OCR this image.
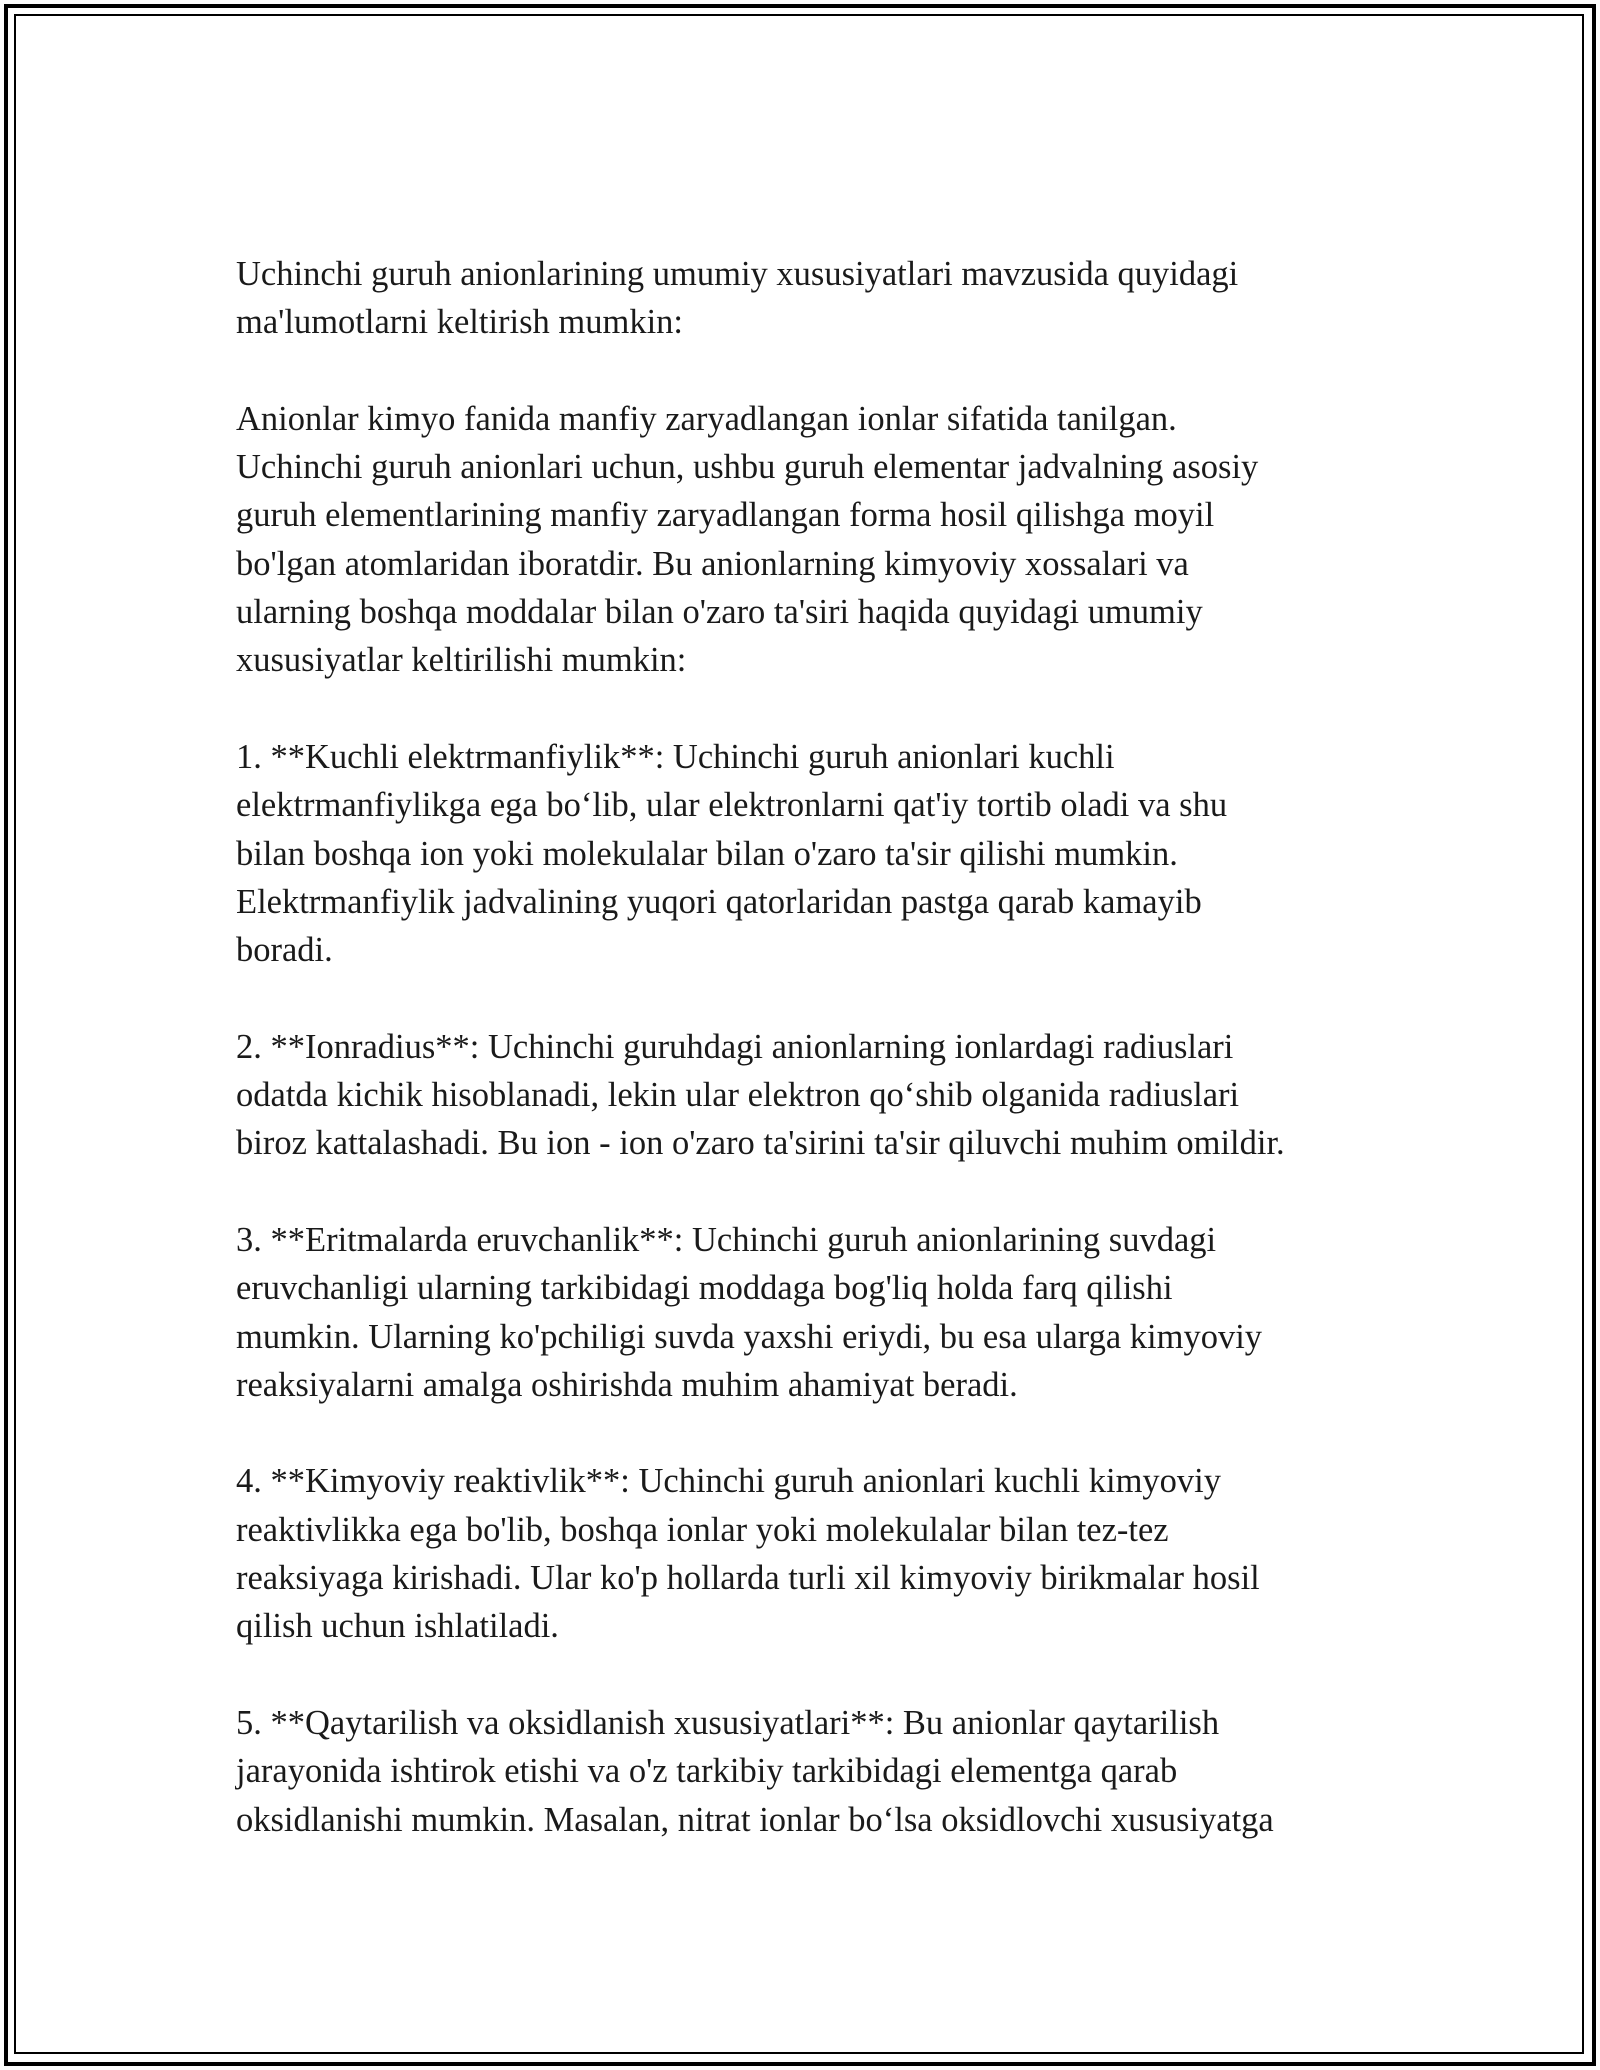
Uchinchi guruh anionlarining umumiy xususiyatlari mavzusida quyidagi
ma'lumotlarni keltirish mumkin:

Anionlar kimyo fanida manfiy zaryadlangan ionlar sifatida tanilgan.
Uchinchi guruh anionlari uchun, ushbu guruh elementar jadvalning asosiy
guruh elementlarining manfiy zaryadlangan forma hosil qilishga moyil
bo'lgan atomlaridan iboratdir. Bu anionlarning kimyoviy xossalari va
ularning boshqa moddalar bilan o'zaro ta'siri haqida quyidagi umumiy
xususiyatlar keltirilishi mumkin:

1. **Kuchli elektrmanfiylik**: Uchinchi guruh anionlari kuchli
elektrmanfiylikga ega bo‘lib, ular elektronlarni qat'iy tortib oladi va shu
bilan boshqa ion yoki molekulalar bilan o'zaro ta'sir qilishi mumkin.
Elektrmanfiylik jadvalining yuqori qatorlaridan pastga qarab kamayib
boradi.

2. **Ionradius**: Uchinchi guruhdagi anionlarning ionlardagi radiuslari
odatda kichik hisoblanadi, lekin ular elektron qo‘shib olganida radiuslari
biroz kattalashadi. Bu ion - ion o'zaro ta'sirini ta'sir qiluvchi muhim omildir.

3. **Eritmalarda eruvchanlik**: Uchinchi guruh anionlarining suvdagi
eruvchanligi ularning tarkibidagi moddaga bog'liq holda farq qilishi
mumkin. Ularning ko'pchiligi suvda yaxshi eriydi, bu esa ularga kimyoviy
reaksiyalarni amalga oshirishda muhim ahamiyat beradi.

4. **Kimyoviy reaktivlik**: Uchinchi guruh anionlari kuchli kimyoviy
reaktivlikka ega bo'lib, boshqa ionlar yoki molekulalar bilan tez-tez
reaksiyaga kirishadi. Ular ko'p hollarda turli xil kimyoviy birikmalar hosil
qilish uchun ishlatiladi.

5. **Qaytarilish va oksidlanish xususiyatlari**: Bu anionlar qaytarilish
jarayonida ishtirok etishi va o'z tarkibiy tarkibidagi elementga qarab
oksidlanishi mumkin. Masalan, nitrat ionlar bo‘lsa oksidlovchi xususiyatga
